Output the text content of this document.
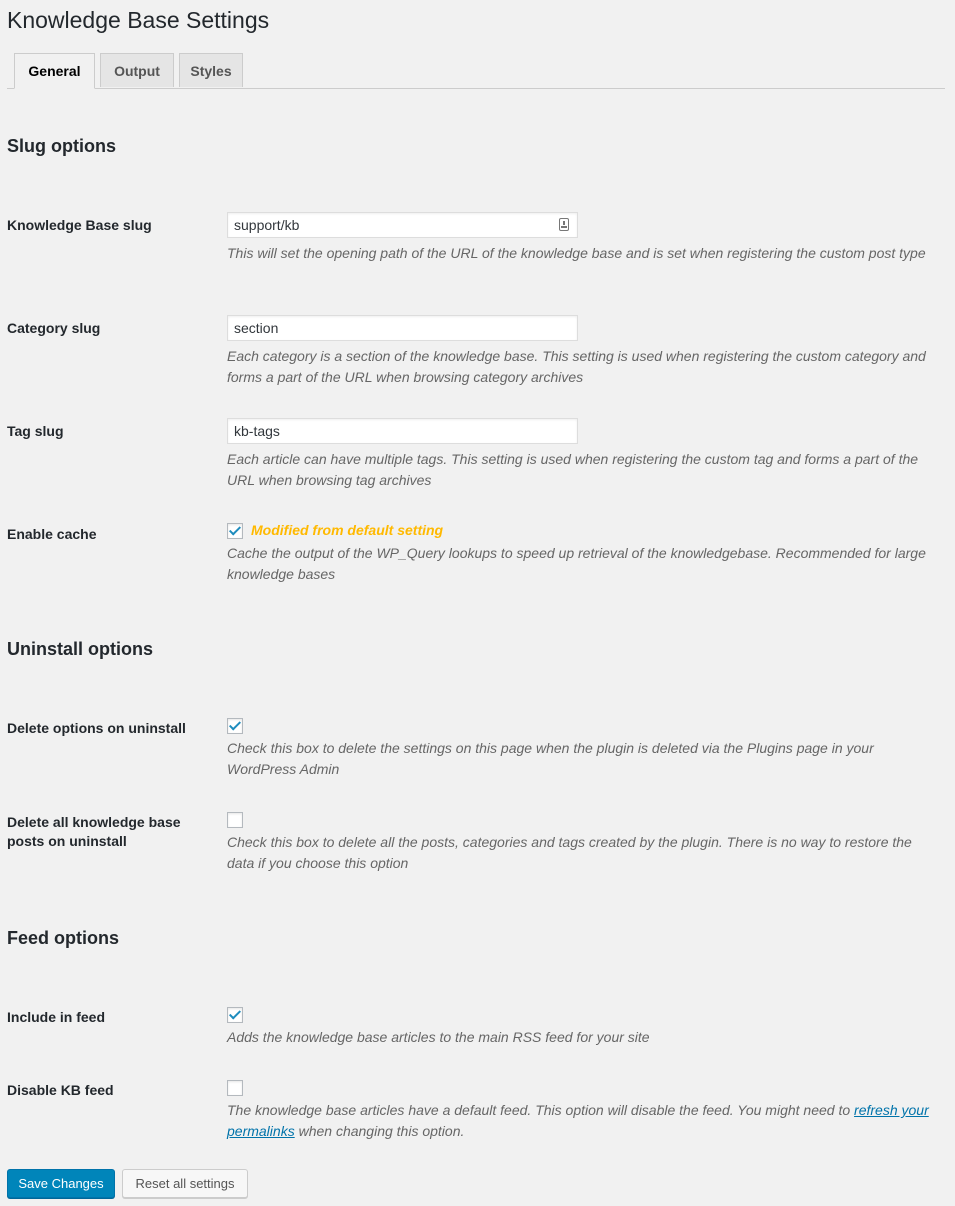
Knowledge Base Settings
General	Output	Styles
Slug options
Knowledge Base slug
support/kb

This will set the opening path of the URL of the knowledge base and is set when registering the custom post type

Category slug
section

Each category is a section of the knowledge base. This setting is used when registering the custom category and forms a part of the URL when browsing category archives

Tag slug
kb-tags

Each article can have multiple tags. This setting is used when registering the custom tag and forms a part of the URL when browsing tag archives

Enable cache	Modified from default setting

Cache the output of the WP_Query lookups to speed up retrieval of the knowledgebase. Recommended for large knowledge bases

Uninstall options
Delete options on uninstall

Check this box to delete the settings on this page when the plugin is deleted via the Plugins page in your WordPress Admin

Delete all knowledge base
posts on uninstall	Check this box to delete all the posts, categories and tags created by the plugin. There is no way to restore the data if you choose this option

Feed options
Include in feed

Adds the knowledge base articles to the main RSS feed for your site

Disable KB feed

The knowledge base articles have a default feed. This option will disable the feed. You might need to refresh your permalinks when changing this option.

Save Changes	Reset all settings
